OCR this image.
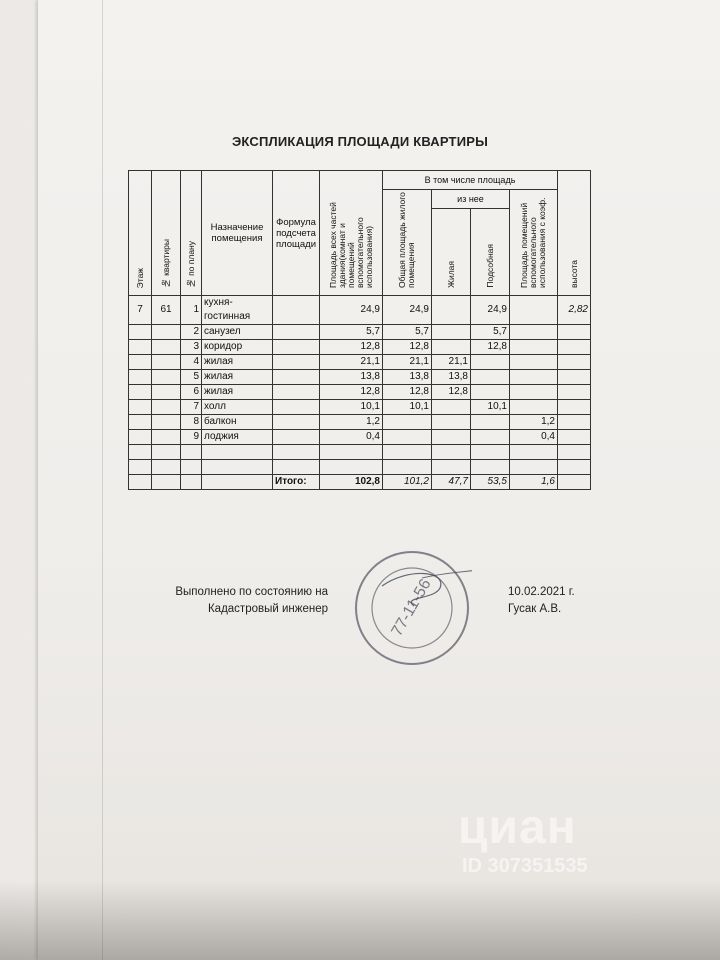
ЭКСПЛИКАЦИЯ ПЛОЩАДИ КВАРТИРЫ
Этаж	№ квартиры	№ по плану	Назначение помещения	Формула подсчета площади	Площадь всех частей здания(комнат и помещений вспомогательного использования)	В том числе площадь				высота
						Общая площадь жилого помещения	из нее		Площадь помещений вспомогательного использования с коэф.	
							Жилая	Подсобная		
7	61	1	кухня-гостинная		24,9	24,9		24,9		2,82
		2	санузел		5,7	5,7		5,7		
		3	коридор		12,8	12,8		12,8		
		4	жилая		21,1	21,1	21,1			
		5	жилая		13,8	13,8	13,8			
		6	жилая		12,8	12,8	12,8			
		7	холл		10,1	10,1		10,1		
		8	балкон		1,2				1,2	
		9	лоджия		0,4				0,4	

				Итого:	102,8	101,2	47,7	53,5	1,6	
Выполнено по состоянию на
Кадастровый инженер
10.02.2021 г.
Гусак А.В.
77-11-56
циан
ID 307351535
